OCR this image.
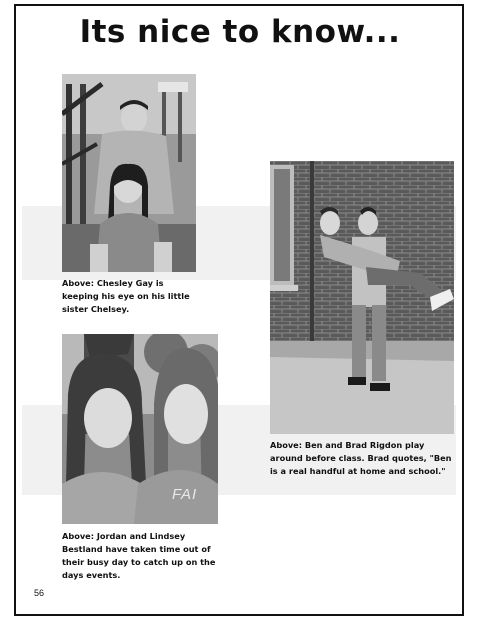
Its nice to know...
Above: Chesley Gay is keeping his eye on his little sister Chelsey.
Above: Ben and Brad Rigdon play around before class. Brad quotes, "Ben is a real handful at home and school."
FAI
Above: Jordan and Lindsey Bestland have taken time out of their busy day to catch up on the days events.
56
